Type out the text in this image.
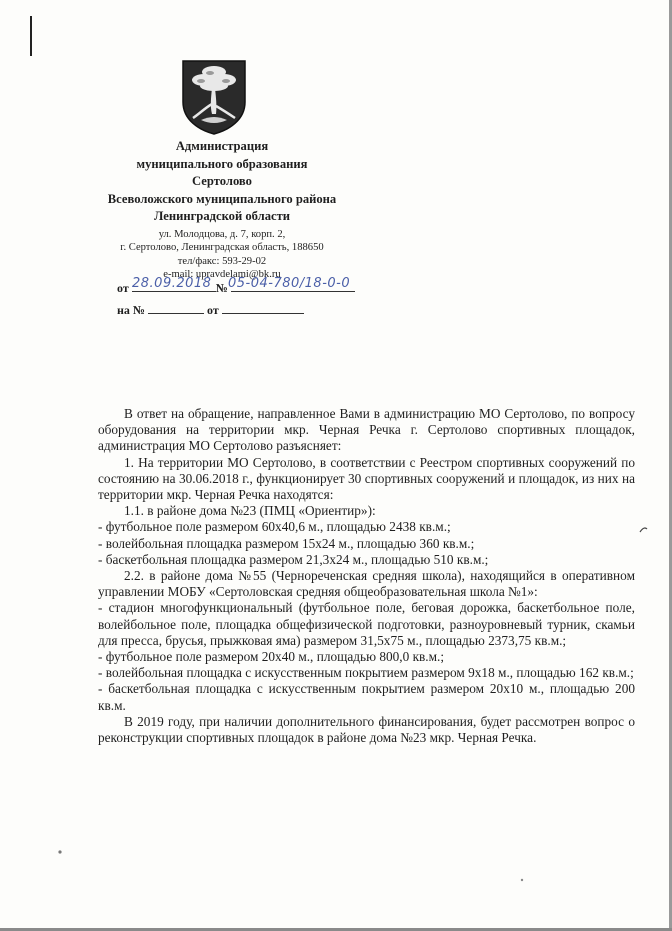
Администрация
муниципального образования
Сертолово
Всеволожского муниципального района
Ленинградской области
ул. Молодцова, д. 7, корп. 2,
г. Сертолово, Ленинградская область, 188650
тел/факс: 593-29-02
e-mail: upravdelami@bk.ru
от	№
28.09.2018 05-04-780/18-0-0
на №	от

В ответ на обращение, направленное Вами в администрацию МО Сертолово, по вопросу оборудования на территории мкр. Черная Речка г. Сертолово спортивных площадок, администрация МО Сертолово разъясняет:

1. На территории МО Сертолово, в соответствии с Реестром спортивных сооружений по состоянию на 30.06.2018 г., функционирует 30 спортивных сооружений и площадок, из них на территории мкр. Черная Речка находятся:

1.1. в районе дома №23 (ПМЦ «Ориентир»):

- футбольное поле размером 60х40,6 м., площадью 2438 кв.м.;

- волейбольная площадка размером 15х24 м., площадью 360 кв.м.;

- баскетбольная площадка размером 21,3х24 м., площадью 510 кв.м.;

2.2. в районе дома №55 (Чернореченская средняя школа), находящийся в оперативном управлении МОБУ «Сертоловская средняя общеобразовательная школа №1»:

- стадион многофункциональный (футбольное поле, беговая дорожка, баскетбольное поле, волейбольное поле, площадка общефизической подготовки, разноуровневый турник, скамьи для пресса, брусья, прыжковая яма) размером 31,5х75 м., площадью 2373,75 кв.м.;

- футбольное поле размером 20х40 м., площадью 800,0 кв.м.;

- волейбольная площадка с искусственным покрытием размером 9х18 м., площадью 162 кв.м.;

- баскетбольная площадка с искусственным покрытием размером 20х10 м., площадью 200 кв.м.

В 2019 году, при наличии дополнительного финансирования, будет рассмотрен вопрос о реконструкции спортивных площадок в районе дома №23 мкр. Черная Речка.
